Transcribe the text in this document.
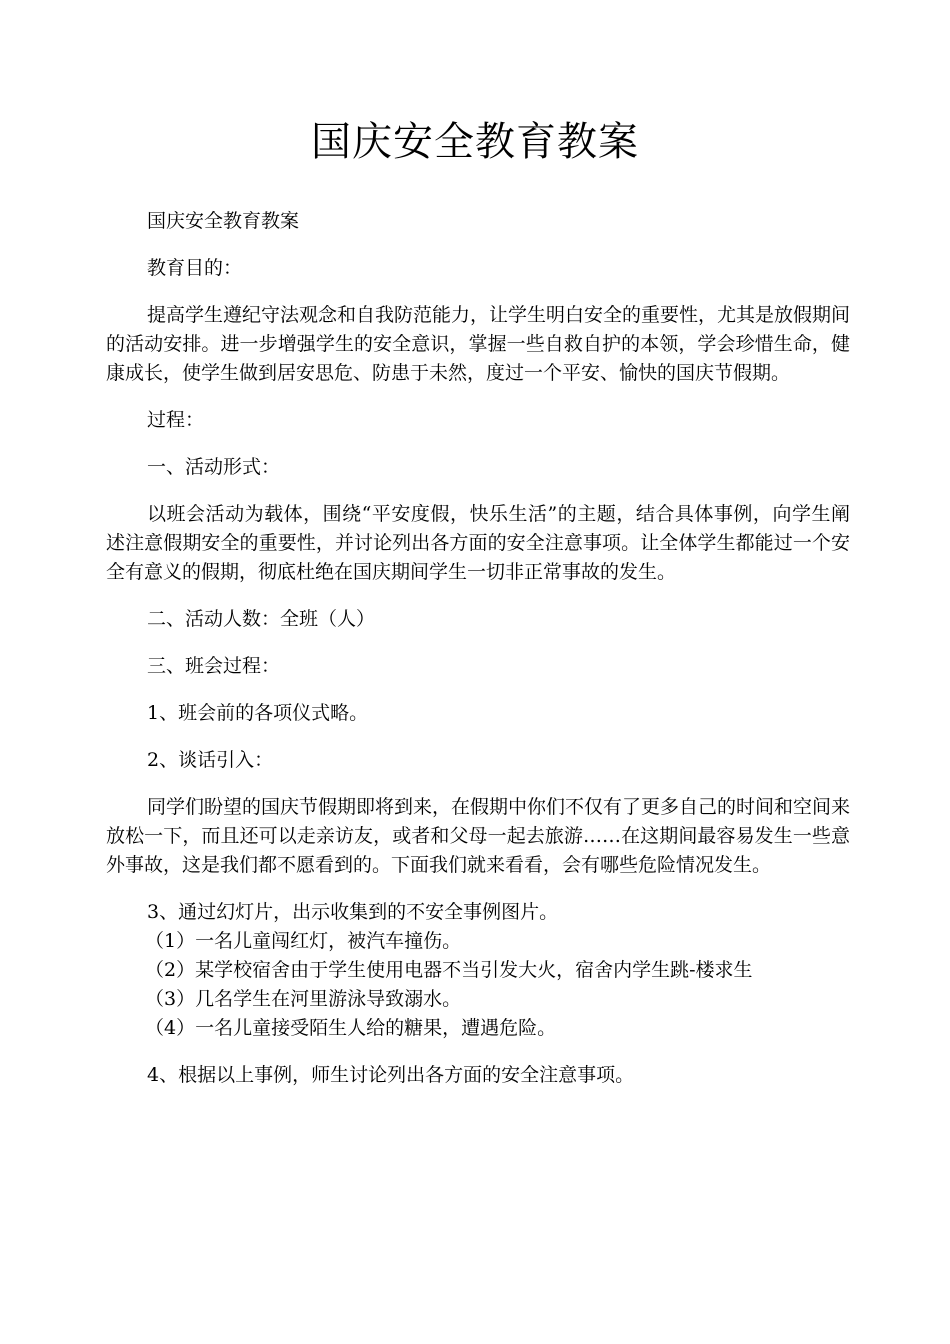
国庆安全教育教案

国庆安全教育教案

教育目的：

提高学生遵纪守法观念和自我防范能力，让学生明白安全的重要性，尤其是放假期间的活动安排。进一步增强学生的安全意识，掌握一些自救自护的本领，学会珍惜生命，健康成长，使学生做到居安思危、防患于未然，度过一个平安、愉快的国庆节假期。

过程：

一、活动形式：

以班会活动为载体，围绕“平安度假，快乐生活”的主题，结合具体事例，向学生阐述注意假期安全的重要性，并讨论列出各方面的安全注意事项。让全体学生都能过一个安全有意义的假期，彻底杜绝在国庆期间学生一切非正常事故的发生。

二、活动人数：全班（人）

三、班会过程：

1、班会前的各项仪式略。

2、谈话引入：

同学们盼望的国庆节假期即将到来，在假期中你们不仅有了更多自己的时间和空间来放松一下，而且还可以走亲访友，或者和父母一起去旅游……在这期间最容易发生一些意外事故，这是我们都不愿看到的。下面我们就来看看，会有哪些危险情况发生。

3、通过幻灯片，出示收集到的不安全事例图片。

（1）一名儿童闯红灯，被汽车撞伤。

（2）某学校宿舍由于学生使用电器不当引发大火，宿舍内学生跳-楼求生

（3）几名学生在河里游泳导致溺水。

（4）一名儿童接受陌生人给的糖果，遭遇危险。

4、根据以上事例，师生讨论列出各方面的安全注意事项。
